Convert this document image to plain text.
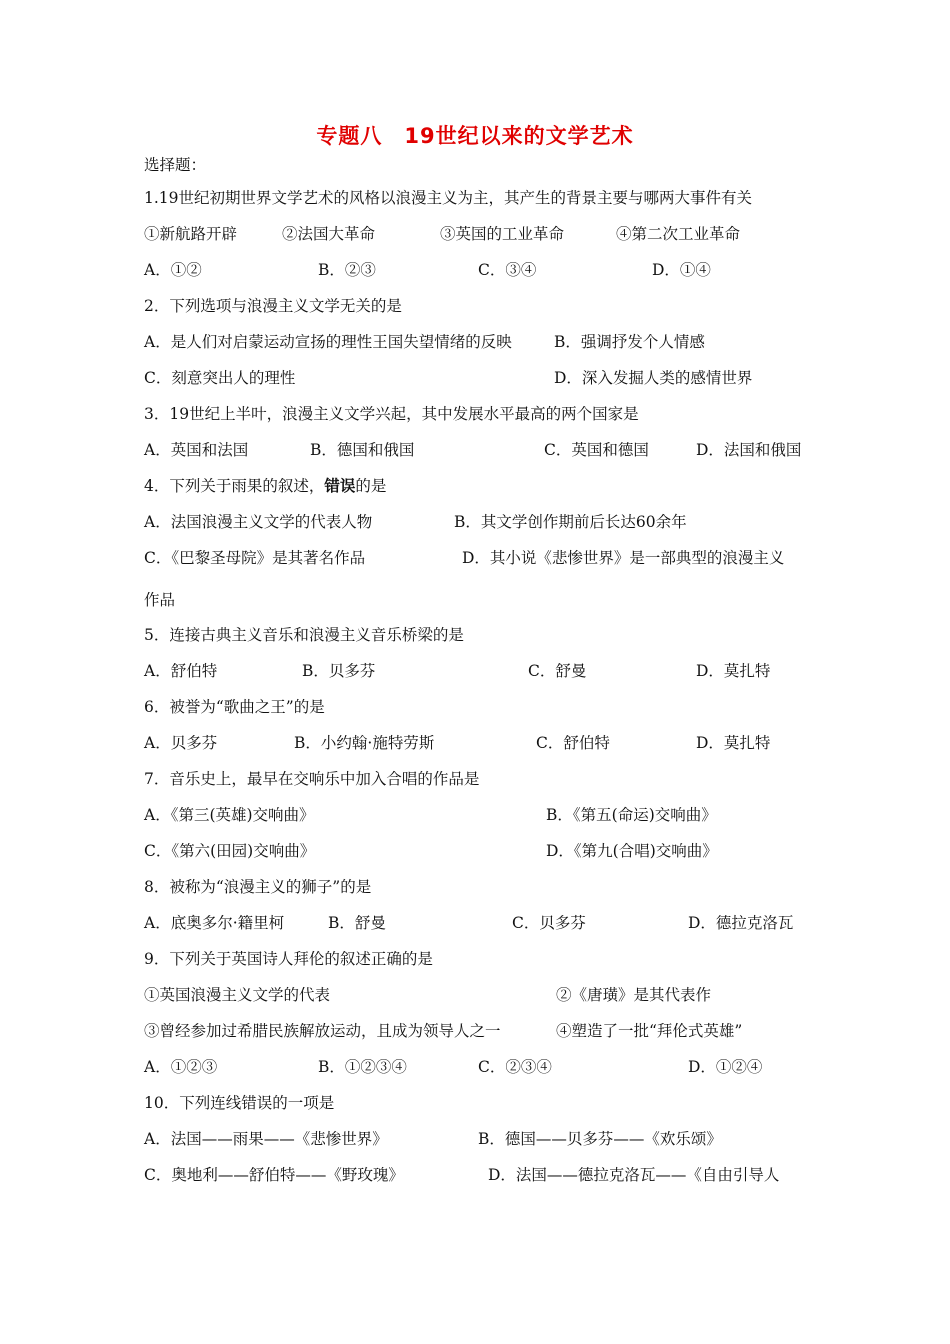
专题八　19世纪以来的文学艺术
选择题：
1.19世纪初期世界文学艺术的风格以浪漫主义为主，其产生的背景主要与哪两大事件有关
①新航路开辟	②法国大革命	③英国的工业革命	④第二次工业革命
A．①②	B．②③	C．③④	D．①④
2．下列选项与浪漫主义文学无关的是
A．是人们对启蒙运动宣扬的理性王国失望情绪的反映	B．强调抒发个人情感
C．刻意突出人的理性	D．深入发掘人类的感情世界
3．19世纪上半叶，浪漫主义文学兴起，其中发展水平最高的两个国家是
A．英国和法国	B．德国和俄国	C．英国和德国	D．法国和俄国
4．下列关于雨果的叙述，错误的是
A．法国浪漫主义文学的代表人物	B．其文学创作期前后长达60余年
C．《巴黎圣母院》是其著名作品	D．其小说《悲惨世界》是一部典型的浪漫主义
作品
5．连接古典主义音乐和浪漫主义音乐桥梁的是
A．舒伯特	B．贝多芬	C．舒曼	D．莫扎特
6．被誉为“歌曲之王”的是
A．贝多芬	B．小约翰·施特劳斯	C．舒伯特	D．莫扎特
7．音乐史上，最早在交响乐中加入合唱的作品是
A．《第三(英雄)交响曲》	B．《第五(命运)交响曲》
C．《第六(田园)交响曲》	D．《第九(合唱)交响曲》
8．被称为“浪漫主义的狮子”的是
A．底奥多尔·籍里柯	B．舒曼	C．贝多芬	D．德拉克洛瓦
9．下列关于英国诗人拜伦的叙述正确的是
①英国浪漫主义文学的代表	②《唐璜》是其代表作
③曾经参加过希腊民族解放运动，且成为领导人之一	④塑造了一批“拜伦式英雄”
A．①②③	B．①②③④	C．②③④	D．①②④
10．下列连线错误的一项是
A．法国——雨果——《悲惨世界》	B．德国——贝多芬——《欢乐颂》
C．奥地利——舒伯特——《野玫瑰》	D．法国——德拉克洛瓦——《自由引导人
